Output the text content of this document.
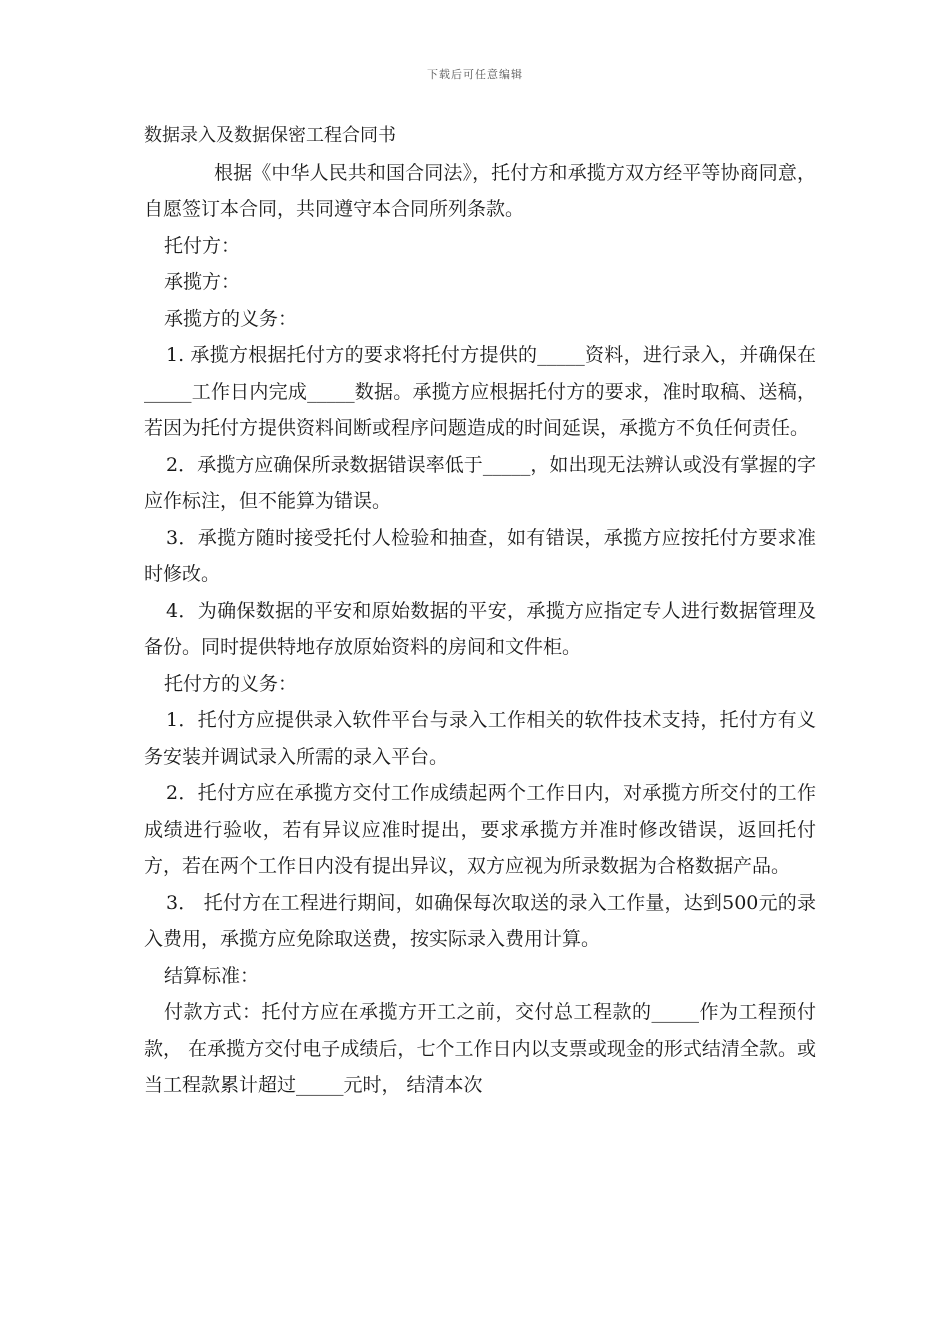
下载后可任意编辑

数据录入及数据保密工程合同书

根据《中华人民共和国合同法》，托付方和承揽方双方经平等协商同意，自愿签订本合同，共同遵守本合同所列条款。

托付方：

承揽方：

承揽方的义务：

1. 承揽方根据托付方的要求将托付方提供的_____资料，进行录入，并确保在_____工作日内完成_____数据。承揽方应根据托付方的要求，准时取稿、送稿，若因为托付方提供资料间断或程序问题造成的时间延误，承揽方不负任何责任。

2．承揽方应确保所录数据错误率低于_____，如出现无法辨认或没有掌握的字应作标注，但不能算为错误。

3．承揽方随时接受托付人检验和抽查，如有错误，承揽方应按托付方要求准时修改。

4．为确保数据的平安和原始数据的平安，承揽方应指定专人进行数据管理及备份。同时提供特地存放原始资料的房间和文件柜。

托付方的义务：

1．托付方应提供录入软件平台与录入工作相关的软件技术支持，托付方有义务安装并调试录入所需的录入平台。

2．托付方应在承揽方交付工作成绩起两个工作日内，对承揽方所交付的工作成绩进行验收，若有异议应准时提出，要求承揽方并准时修改错误，返回托付方，若在两个工作日内没有提出异议，双方应视为所录数据为合格数据产品。

3． 托付方在工程进行期间，如确保每次取送的录入工作量，达到500元的录入费用，承揽方应免除取送费，按实际录入费用计算。

结算标准：

付款方式：托付方应在承揽方开工之前，交付总工程款的_____作为工程预付款， 在承揽方交付电子成绩后，七个工作日内以支票或现金的形式结清全款。或当工程款累计超过_____元时， 结清本次
